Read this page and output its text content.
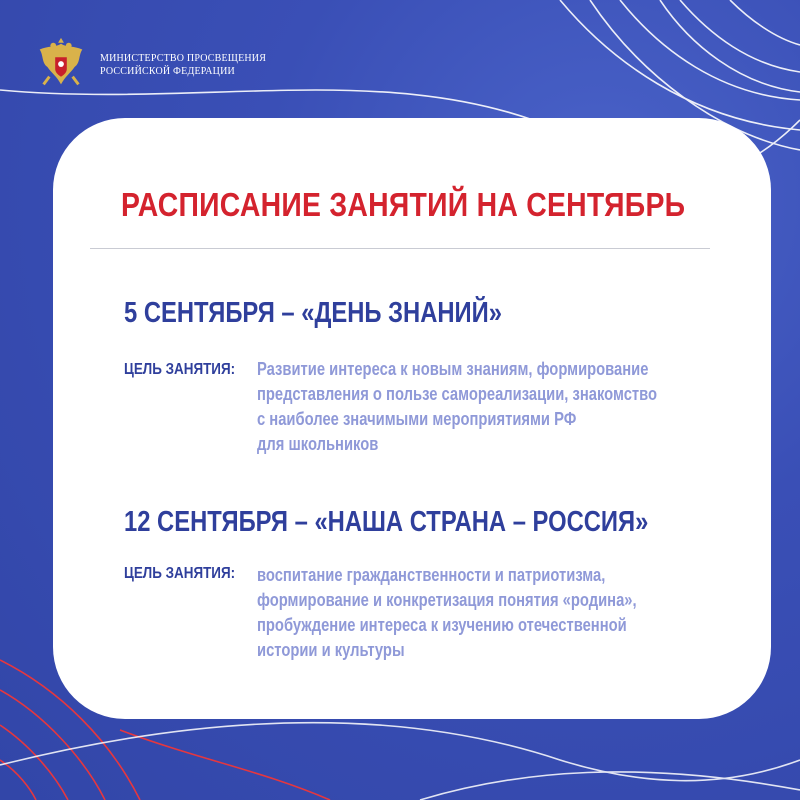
МИНИСТЕРСТВО ПРОСВЕЩЕНИЯ
РОССИЙСКОЙ ФЕДЕРАЦИИ
РАСПИСАНИЕ ЗАНЯТИЙ НА СЕНТЯБРЬ
5 СЕНТЯБРЯ – «ДЕНЬ ЗНАНИЙ»
ЦЕЛЬ ЗАНЯТИЯ: Развитие интереса к новым знаниям, формирование
представления о пользе самореализации, знакомство
с наиболее значимыми мероприятиями РФ
для школьников
12 СЕНТЯБРЯ – «НАША СТРАНА – РОССИЯ»
ЦЕЛЬ ЗАНЯТИЯ: воспитание гражданственности и патриотизма,
формирование и конкретизация понятия «родина»,
пробуждение интереса к изучению отечественной
истории и культуры
